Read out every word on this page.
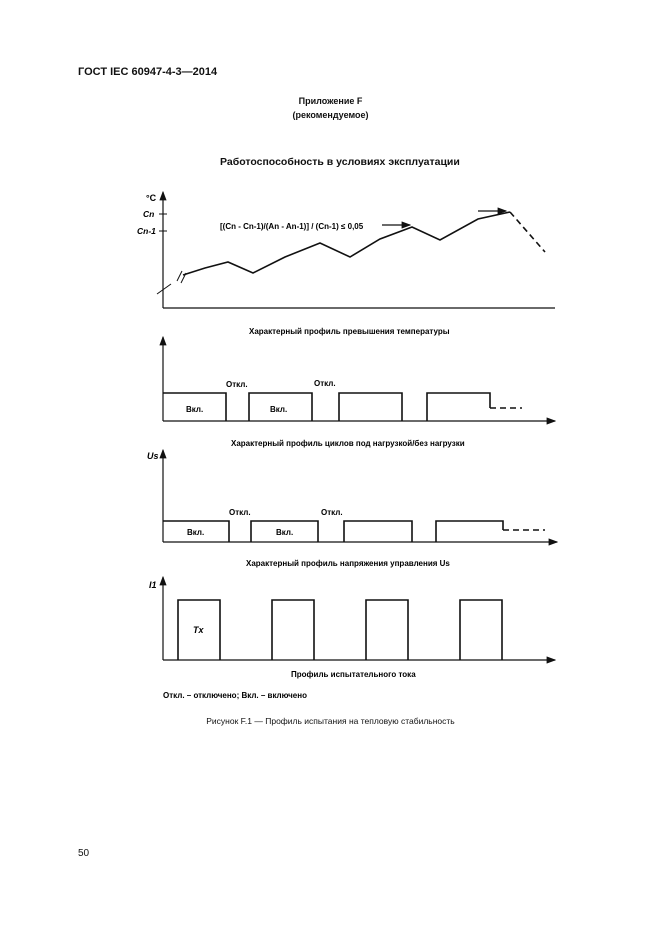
ГОСТ IEC 60947-4-3—2014
Приложение F
(рекомендуемое)
Работоспособность в условиях эксплуатации
°C
Cn
Cn-1	[(Cn - Cn-1)/(An - An-1)] / (Cn-1) ≤ 0,05
Характерный профиль превышения температуры
Вкл.	Вкл.
Откл.	Откл.
Характерный профиль циклов под нагрузкой/без нагрузки
Us
Вкл.	Вкл.
Откл.	Откл.
Характерный профиль напряжения управления Us
I1
Tx
Профиль испытательного тока
Откл. – отключено; Вкл. – включено
Рисунок F.1 — Профиль испытания на тепловую стабильность
50
